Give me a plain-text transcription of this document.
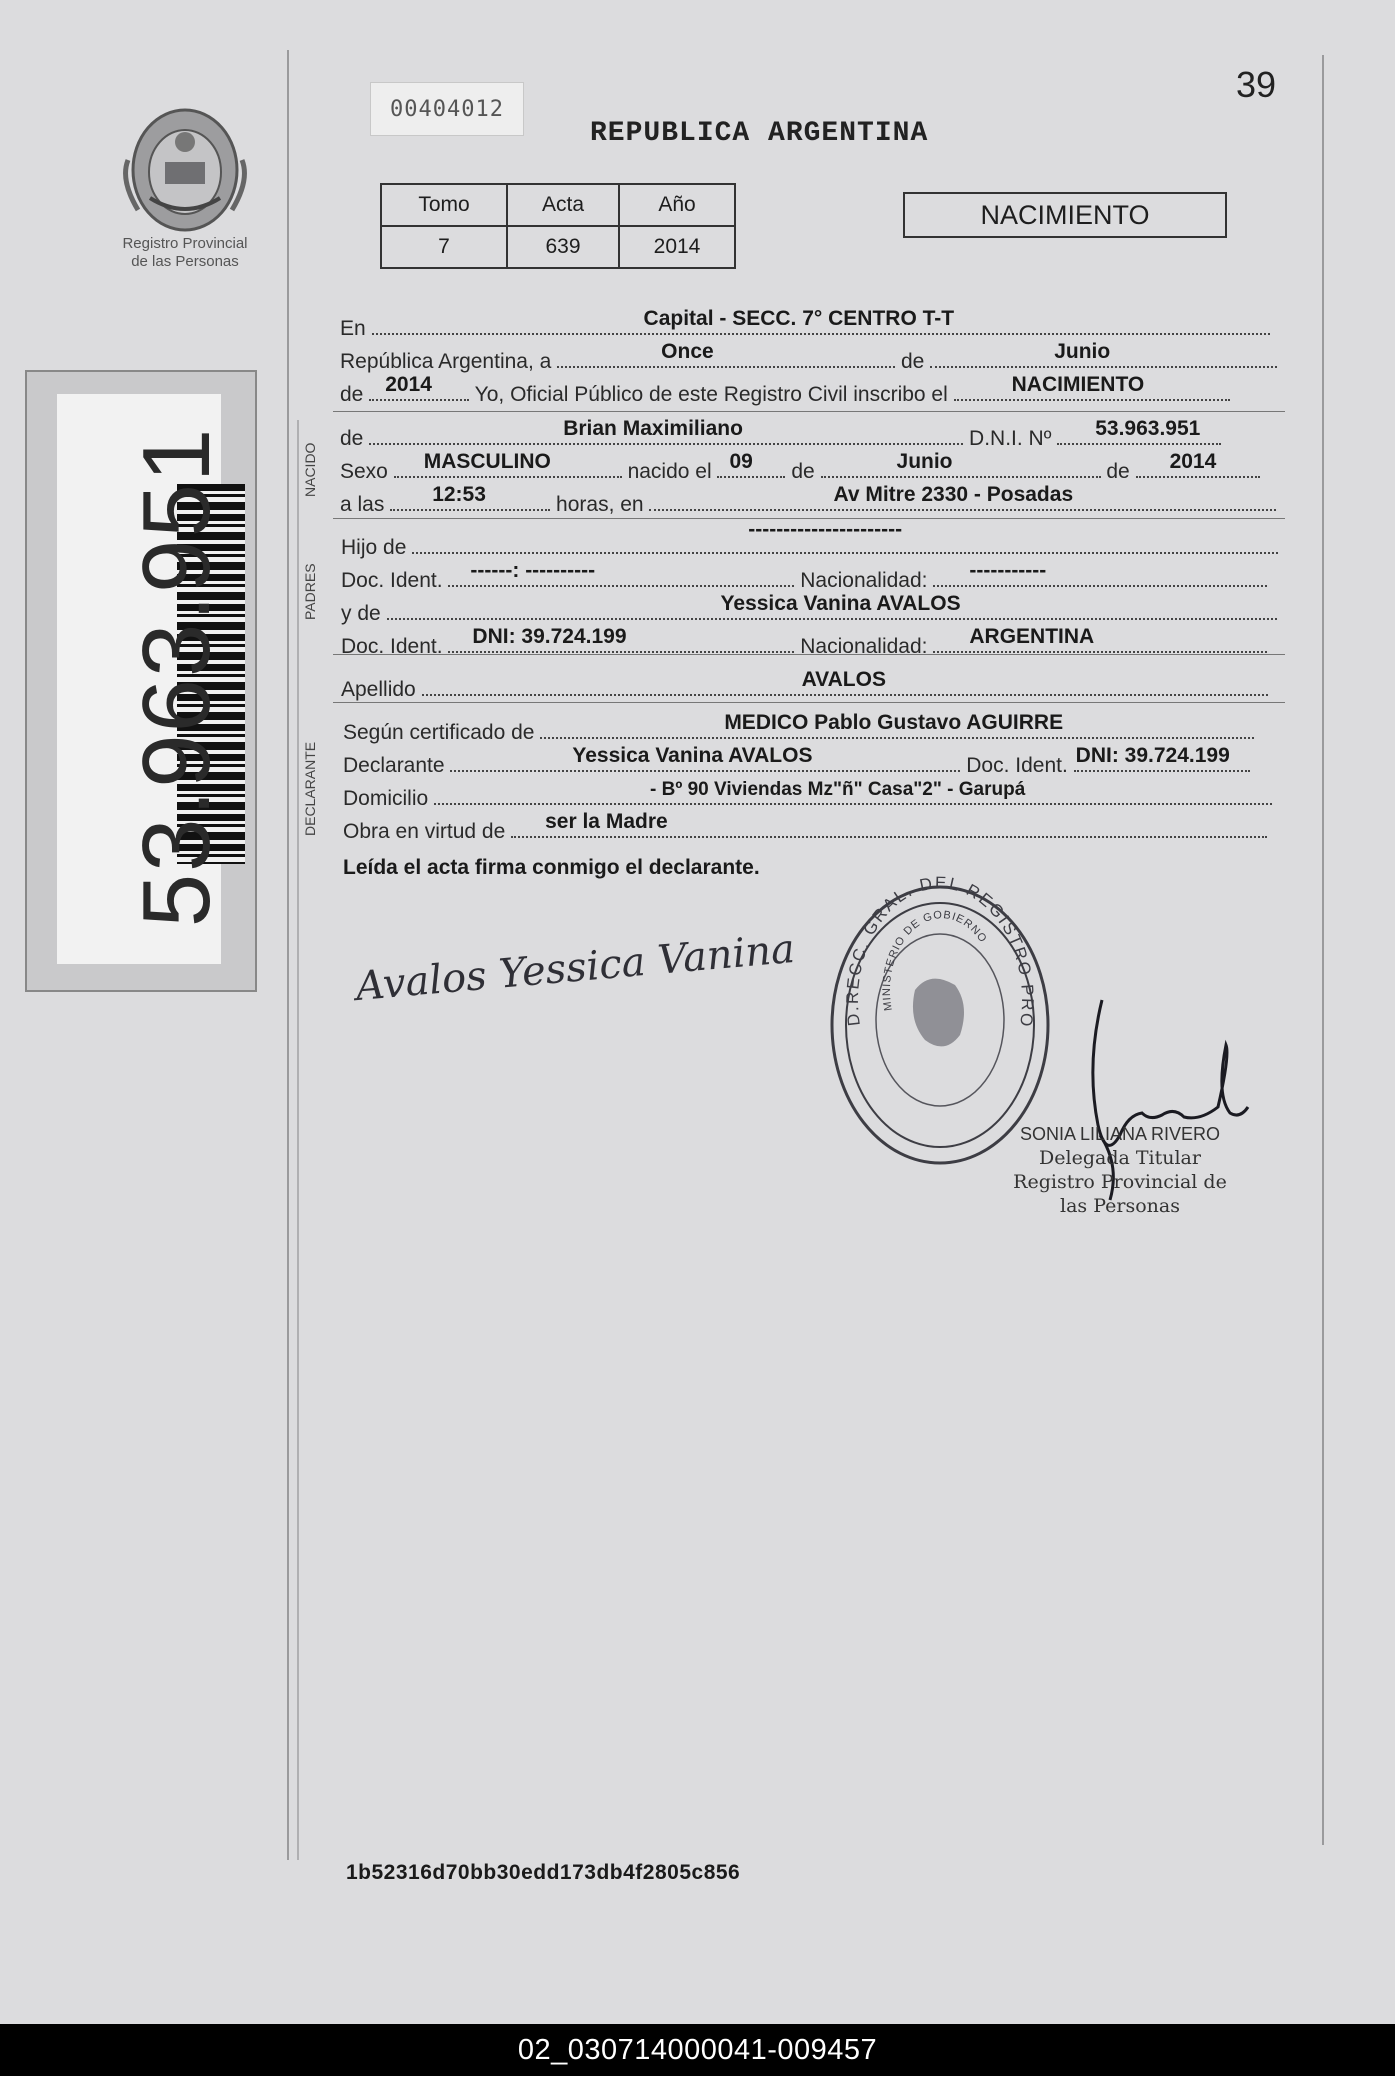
39
00404012
REPUBLICA ARGENTINA
Registro Provincial
de las Personas
53.963.951
Tomo	Acta	Año
7	639	2014
NACIMIENTO
NACIDO
PADRES
DECLARANTE
En	Capital - SECC. 7° CENTRO T-T
República Argentina, a	Once	de	Junio
de 2014 Yo, Oficial Público de este Registro Civil inscribo el	NACIMIENTO
de	Brian Maximiliano	D.N.I. Nº 53.963.951
Sexo MASCULINO	nacido el 09 de	Junio	de 2014
a las 12:53	horas, en	Av Mitre 2330 - Posadas
Hijo de
----------------------
Doc. Ident. ------: ----------	Nacionalidad: -----------
y de	Yessica Vanina AVALOS
Doc. Ident. DNI: 39.724.199	Nacionalidad: ARGENTINA
Apellido	AVALOS
Según certificado de	MEDICO Pablo Gustavo AGUIRRE
Declarante	Yessica Vanina AVALOS	Doc. Ident. DNI: 39.724.199
Domicilio	- Bº 90 Viviendas Mz"ñ" Casa"2" - Garupá
Obra en virtud de ser la Madre
Leída el acta firma conmigo el declarante.
Avalos Yessica Vanina
D.RECC. GRAL. DEL REGISTRO PRO
MINISTERIO DE GOBIERNO
SONIA LILIANA RIVERO
Delegada Titular
Registro Provincial de las Personas
1b52316d70bb30edd173db4f2805c856
02_030714000041-009457
